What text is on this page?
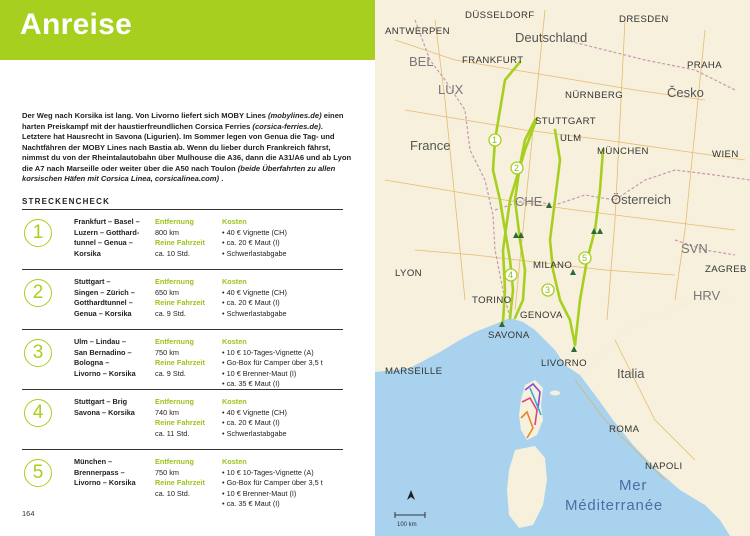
Anreise
Der Weg nach Korsika ist lang. Von Livorno liefert sich MOBY Lines (mobylines.de) einen harten Preiskampf mit der haustierfreundlichen Corsica Ferries (corsica-ferries.de). Letztere hat Hausrecht in Savona (Ligurien). Im Sommer legen von Genua die Tag- und Nachtfähren der MOBY Lines nach Bastia ab. Wenn du lieber durch Frankreich fährst, nimmst du von der Rheintalautobahn über Mulhouse die A36, dann die A31/A6 und ab Lyon die A7 nach Marseille oder weiter über die A50 nach Toulon (beide Überfahrten zu allen korsischen Häfen mit Corsica Linea, corsicalinea.com) .
STRECKENCHECK
1
Frankfurt – Basel –
Luzern – Gotthard-
tunnel – Genua –
Korsika
Entfernung
800 km
Reine Fahrzeit
ca. 10 Std.
Kosten
• 40 € Vignette (CH)
• ca. 20 € Maut (I)
• Schwerlastabgabe
2
Stuttgart –
Singen – Zürich –
Gotthardtunnel –
Genua – Korsika
Entfernung
650 km
Reine Fahrzeit
ca. 9 Std.
Kosten
• 40 € Vignette (CH)
• ca. 20 € Maut (I)
• Schwerlastabgabe
3
Ulm – Lindau –
San Bernadino –
Bologna –
Livorno – Korsika
Entfernung
750 km
Reine Fahrzeit
ca. 9 Std.
Kosten
• 10 € 10-Tages-Vignette (A)
• Go-Box für Camper über 3,5 t
• 10 € Brenner-Maut (I)
• ca. 35 € Maut (I)
4
Stuttgart – Brig
Savona – Korsika
Entfernung
740 km
Reine Fahrzeit
ca. 11 Std.
Kosten
• 40 € Vignette (CH)
• ca. 20 € Maut (I)
• Schwerlastabgabe
5
München –
Brennerpass –
Livorno – Korsika
Entfernung
750 km
Reine Fahrzeit
ca. 10 Std.
Kosten
• 10 € 10-Tages-Vignette (A)
• Go-Box für Camper über 3,5 t
• 10 € Brenner-Maut (I)
• ca. 35 € Maut (I)
164
1
2
3
4
5
DÜSSELDORF	DRESDEN
ANTWERPEN
FRANKFURT	PRAHA
NÜRNBERG
STUTTGART
ULM
MÜNCHEN	WIEN
LYON
MILANO
TORINO
GENOVA
SAVONA
LIVORNO
ZAGREB
MARSEILLE
ROMA
NAPOLI
Deutschland
France
Österreich
Italia
Česko
BEL
LUX
CHE
SVN
HRV
Mer
Méditerranée
100 km
